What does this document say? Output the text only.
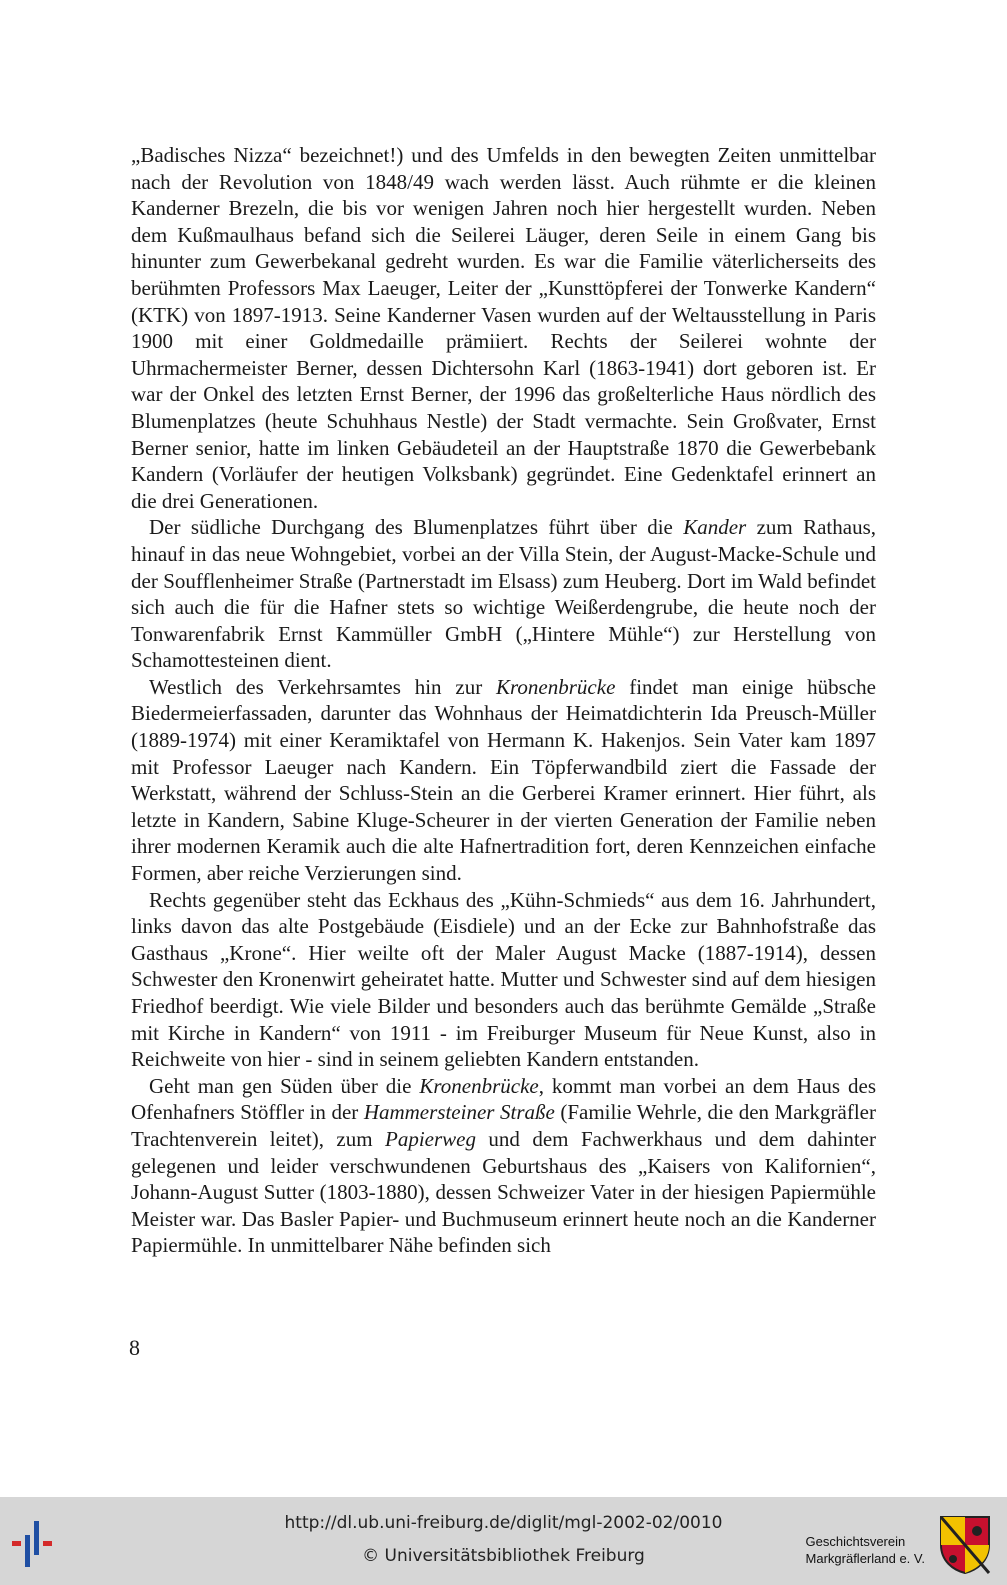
„Badisches Nizza“ bezeichnet!) und des Umfelds in den bewegten Zeiten unmittelbar nach der Revolution von 1848/49 wach werden lässt. Auch rühmte er die kleinen Kanderner Brezeln, die bis vor wenigen Jahren noch hier hergestellt wurden. Neben dem Kußmaulhaus befand sich die Seilerei Läuger, deren Seile in einem Gang bis hinunter zum Gewerbekanal gedreht wurden. Es war die Familie väterlicherseits des berühmten Professors Max Laeuger, Leiter der „Kunsttöpferei der Tonwerke Kandern“ (KTK) von 1897-1913. Seine Kanderner Vasen wurden auf der Weltausstellung in Paris 1900 mit einer Goldmedaille prämiiert. Rechts der Seilerei wohnte der Uhrmachermeister Berner, dessen Dichtersohn Karl (1863-1941) dort geboren ist. Er war der Onkel des letzten Ernst Berner, der 1996 das großelterliche Haus nördlich des Blumenplatzes (heute Schuhhaus Nestle) der Stadt vermachte. Sein Großvater, Ernst Berner senior, hatte im linken Gebäudeteil an der Hauptstraße 1870 die Gewerbebank Kandern (Vorläufer der heutigen Volksbank) gegründet. Eine Gedenktafel erinnert an die drei Generationen.

Der südliche Durchgang des Blumenplatzes führt über die Kander zum Rathaus, hinauf in das neue Wohngebiet, vorbei an der Villa Stein, der August-Macke-Schule und der Soufflenheimer Straße (Partnerstadt im Elsass) zum Heuberg. Dort im Wald befindet sich auch die für die Hafner stets so wichtige Weißerdengrube, die heute noch der Tonwarenfabrik Ernst Kammüller GmbH („Hintere Mühle“) zur Herstellung von Schamottesteinen dient.

Westlich des Verkehrsamtes hin zur Kronenbrücke findet man einige hübsche Biedermeierfassaden, darunter das Wohnhaus der Heimatdichterin Ida Preusch-Müller (1889-1974) mit einer Keramiktafel von Hermann K. Hakenjos. Sein Vater kam 1897 mit Professor Laeuger nach Kandern. Ein Töpferwandbild ziert die Fassade der Werkstatt, während der Schluss-Stein an die Gerberei Kramer erinnert. Hier führt, als letzte in Kandern, Sabine Kluge-Scheurer in der vierten Generation der Familie neben ihrer modernen Keramik auch die alte Hafnertradition fort, deren Kennzeichen einfache Formen, aber reiche Verzierungen sind.

Rechts gegenüber steht das Eckhaus des „Kühn-Schmieds“ aus dem 16. Jahrhundert, links davon das alte Postgebäude (Eisdiele) und an der Ecke zur Bahnhofstraße das Gasthaus „Krone“. Hier weilte oft der Maler August Macke (1887-1914), dessen Schwester den Kronenwirt geheiratet hatte. Mutter und Schwester sind auf dem hiesigen Friedhof beerdigt. Wie viele Bilder und besonders auch das berühmte Gemälde „Straße mit Kirche in Kandern“ von 1911 - im Freiburger Museum für Neue Kunst, also in Reichweite von hier - sind in seinem geliebten Kandern entstanden.

Geht man gen Süden über die Kronenbrücke, kommt man vorbei an dem Haus des Ofenhafners Stöffler in der Hammersteiner Straße (Familie Wehrle, die den Markgräfler Trachtenverein leitet), zum Papierweg und dem Fachwerkhaus und dem dahinter gelegenen und leider verschwundenen Geburtshaus des „Kaisers von Kalifornien“, Johann-August Sutter (1803-1880), dessen Schweizer Vater in der hiesigen Papiermühle Meister war. Das Basler Papier- und Buchmuseum erinnert heute noch an die Kanderner Papiermühle. In unmittelbarer Nähe befinden sich

8
http://dl.ub.uni-freiburg.de/diglit/mgl-2002-02/0010
© Universitätsbibliothek Freiburg
Geschichtsverein
Markgräflerland e. V.
